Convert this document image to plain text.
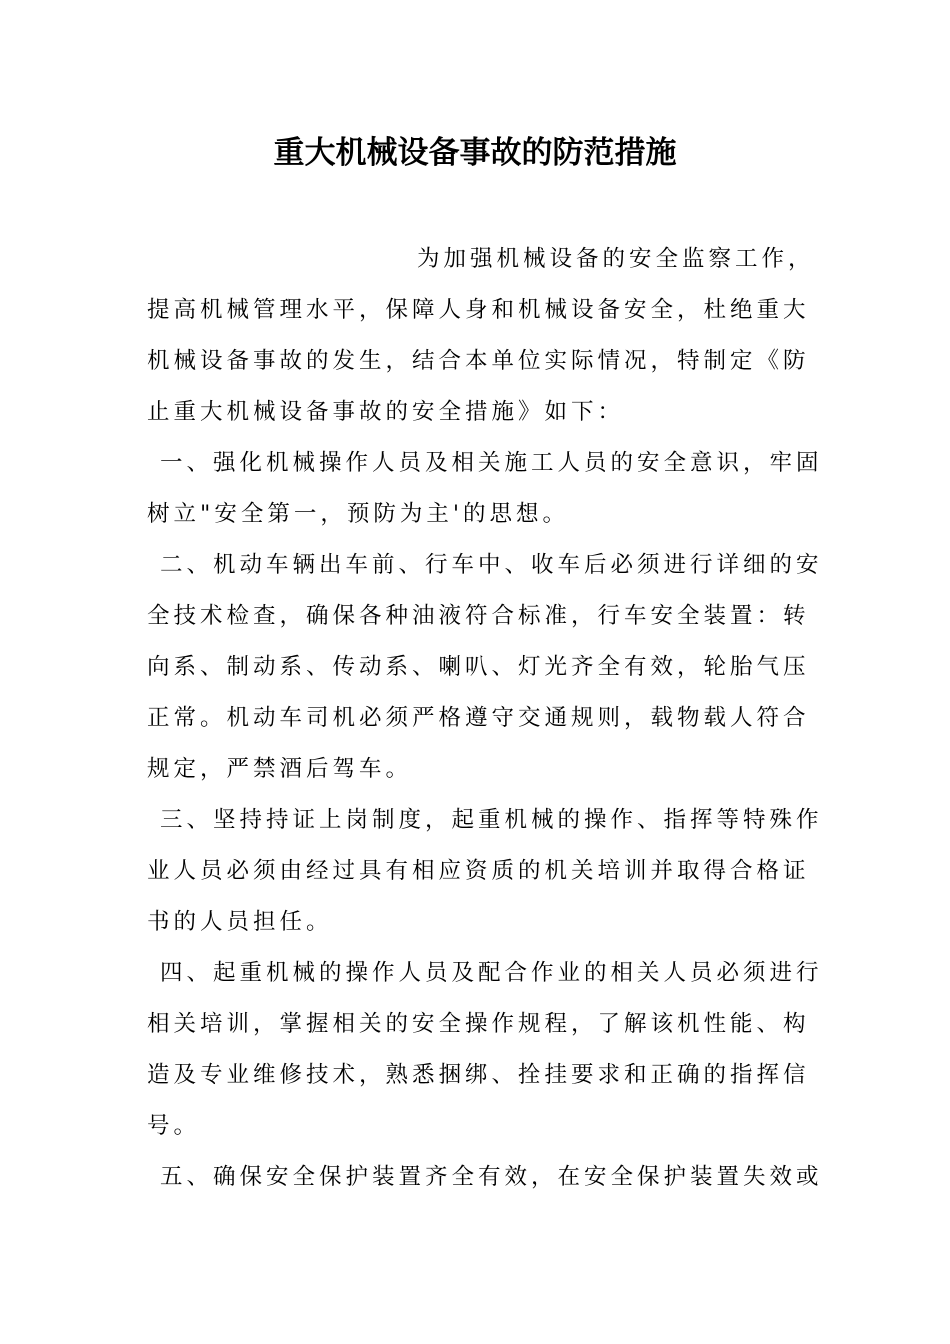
重大机械设备事故的防范措施
为加强机械设备的安全监察工作，
提高机械管理水平，保障人身和机械设备安全，杜绝重大
机械设备事故的发生，结合本单位实际情况，特制定《防
止重大机械设备事故的安全措施》如下：
一、强化机械操作人员及相关施工人员的安全意识，牢固
树立"安全第一，预防为主'的思想。
二、机动车辆出车前、行车中、收车后必须进行详细的安
全技术检查，确保各种油液符合标准，行车安全装置：转
向系、制动系、传动系、喇叭、灯光齐全有效，轮胎气压
正常。机动车司机必须严格遵守交通规则，载物载人符合
规定，严禁酒后驾车。
三、坚持持证上岗制度，起重机械的操作、指挥等特殊作
业人员必须由经过具有相应资质的机关培训并取得合格证
书的人员担任。
四、起重机械的操作人员及配合作业的相关人员必须进行
相关培训，掌握相关的安全操作规程，了解该机性能、构
造及专业维修技术，熟悉捆绑、拴挂要求和正确的指挥信
号。
五、确保安全保护装置齐全有效，在安全保护装置失效或
